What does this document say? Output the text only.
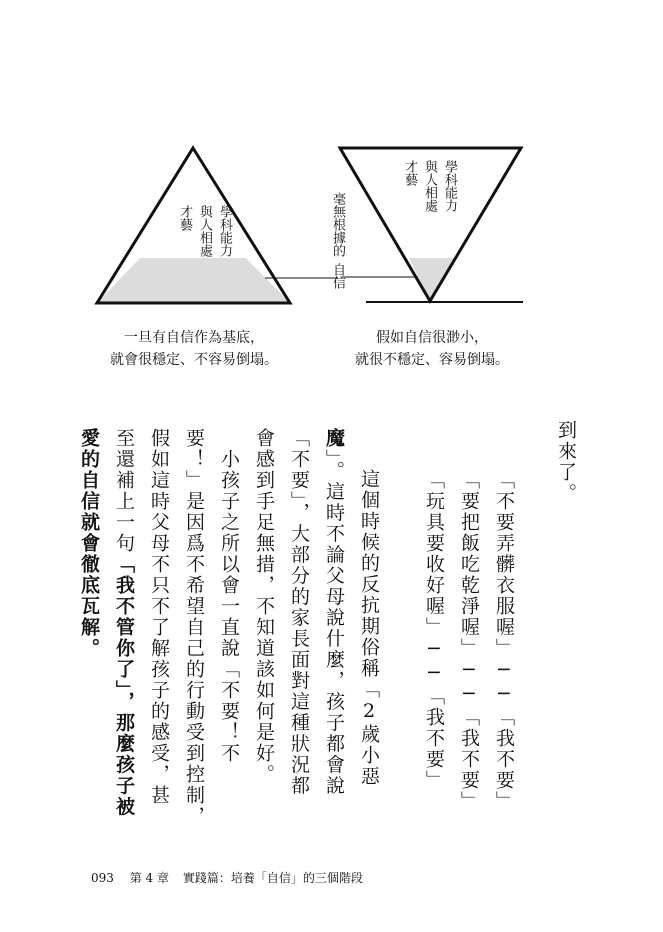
學科能力
與人相處
才藝
學科能力
與人相處
才藝
毫無根據的
自信
一旦有自信作為基底，
就會很穩定、不容易倒塌。
假如自信很渺小，
就很不穩定、容易倒塌。
到來了。
「不要弄髒衣服喔」──「我不要」
「要把飯吃乾淨喔」──「我不要」
「玩具要收好喔」──「我不要」
　這個時候的反抗期俗稱「2歲小惡
魔」。這時不論父母說什麼，孩子都會說
「不要」，大部分的家長面對這種狀況都
會感到手足無措，不知道該如何是好。
　小孩子之所以會一直說「不要！不
要！」是因爲不希望自己的行動受到控制，
假如這時父母不只不了解孩子的感受，甚
至還補上一句「我不管你了」，那麼孩子被
愛的自信就會徹底瓦解。
093 第 4 章 實踐篇：培養「自信」的三個階段
